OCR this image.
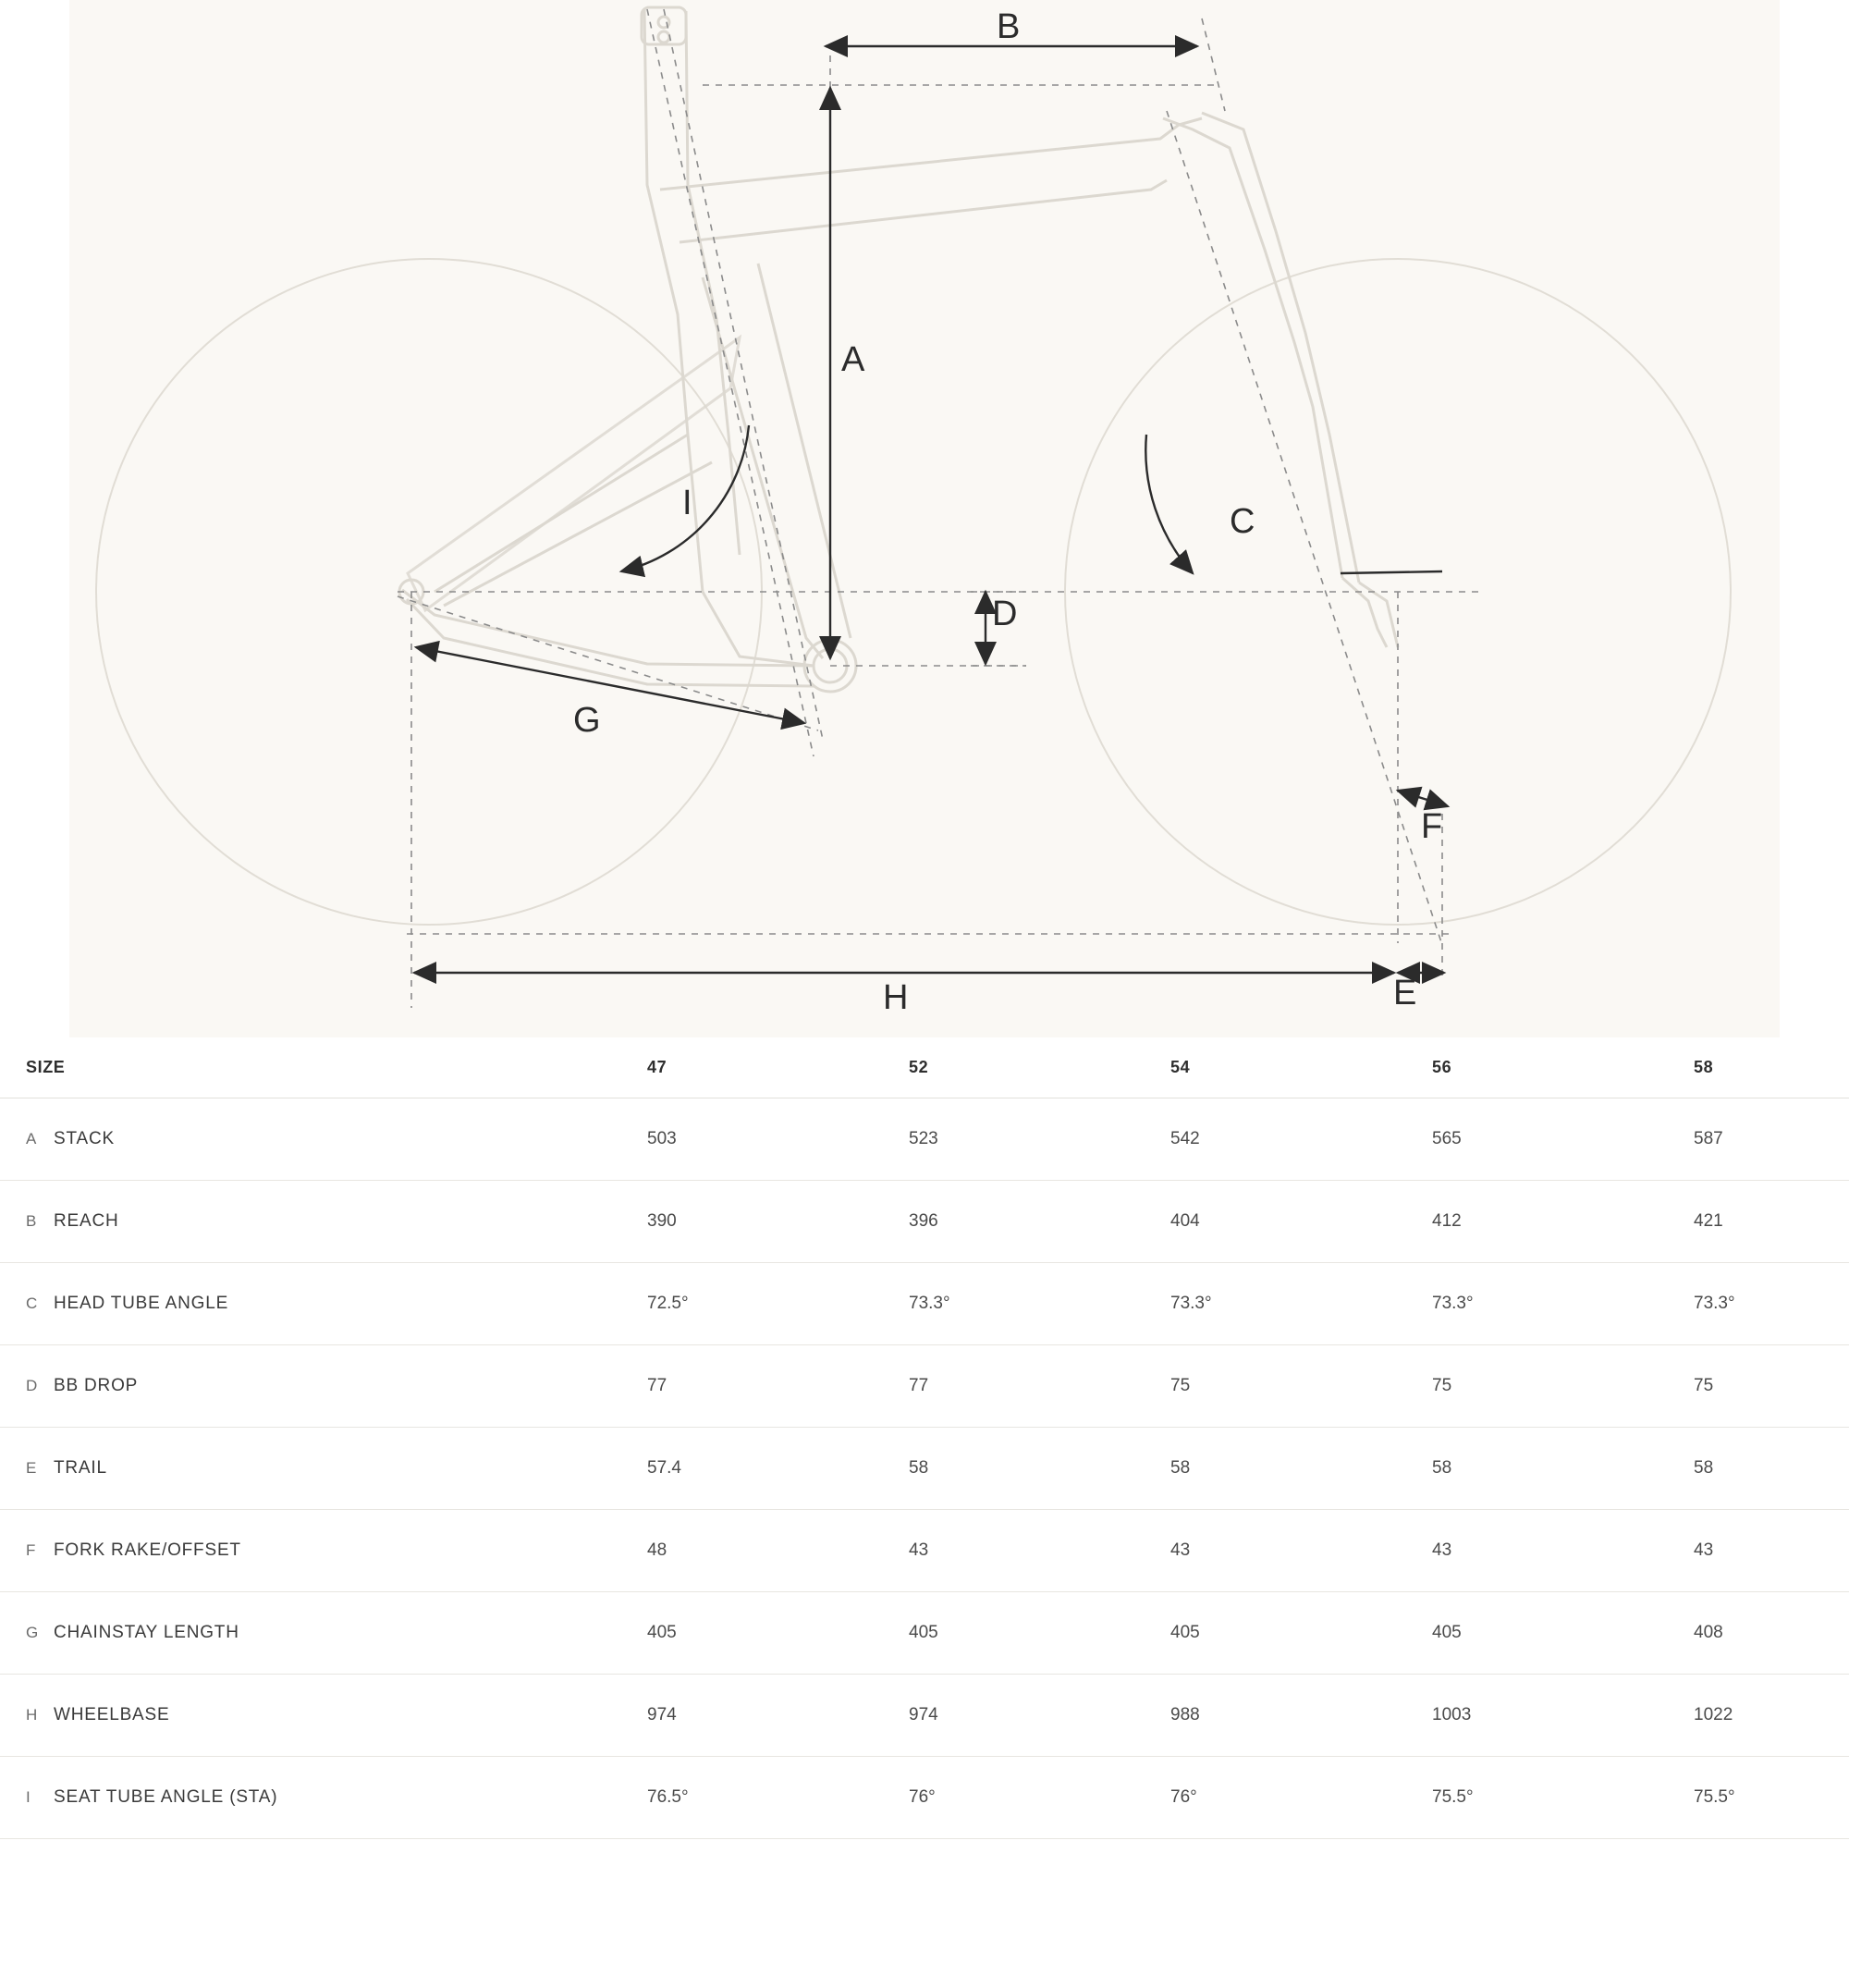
A
B
C
D
E
F
G
H
I
SIZE	47	52	54	56	58
A STACK	503	523	542	565	587
B REACH	390	396	404	412	421
C HEAD TUBE ANGLE	72.5°	73.3°	73.3°	73.3°	73.3°
D BB DROP	77	77	75	75	75
E TRAIL	57.4	58	58	58	58
F FORK RAKE/OFFSET	48	43	43	43	43
G CHAINSTAY LENGTH	405	405	405	405	408
H WHEELBASE	974	974	988	1003	1022
I SEAT TUBE ANGLE (STA)	76.5°	76°	76°	75.5°	75.5°
